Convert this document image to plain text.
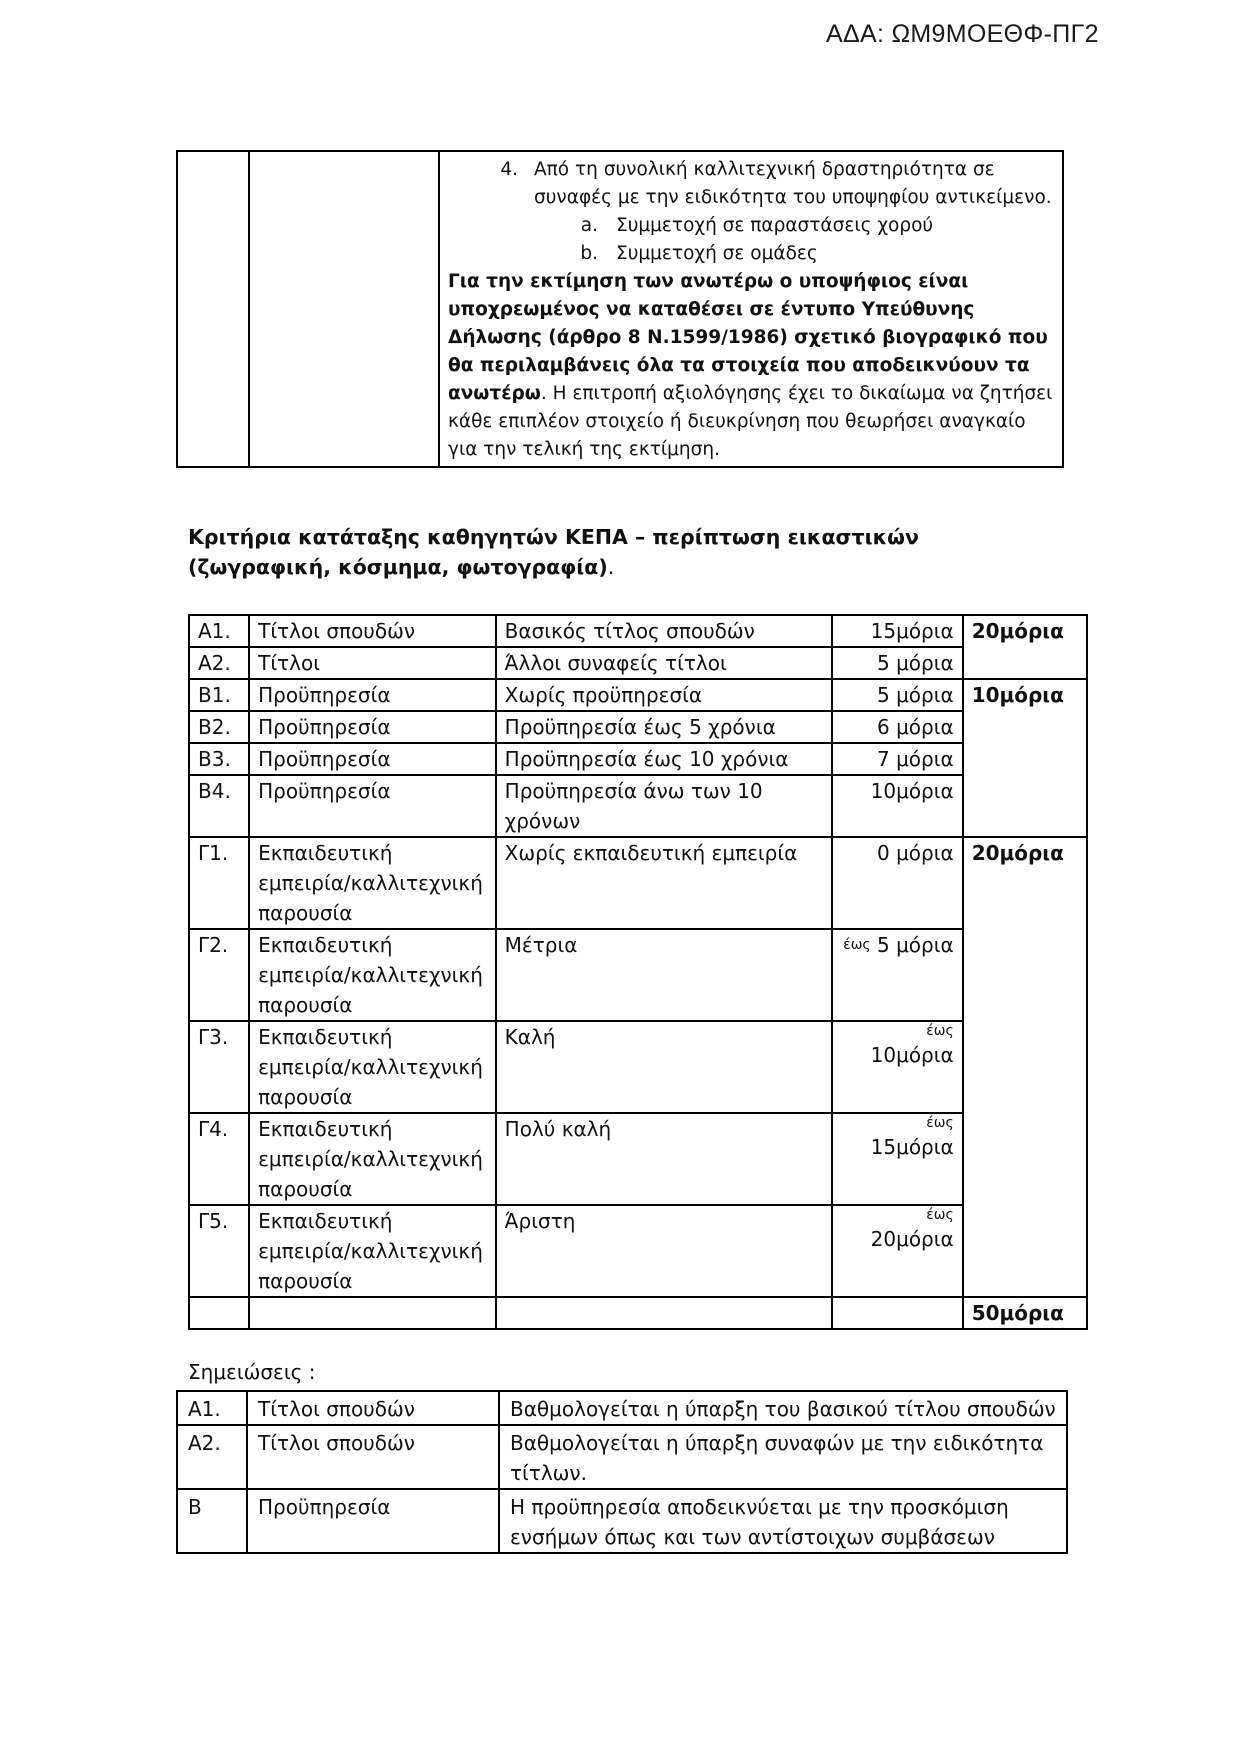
ΑΔΑ: ΩΜ9ΜΟΕΘΦ-ΠΓ2

4. Από τη συνολική καλλιτεχνική δραστηριότητα σε συναφές με την ειδικότητα του υποψηφίου αντικείμενο.
a. Συμμετοχή σε παραστάσεις χορού
b. Συμμετοχή σε ομάδες
Για την εκτίμηση των ανωτέρω ο υποψήφιος είναι υποχρεωμένος να καταθέσει σε έντυπο Υπεύθυνης Δήλωσης (άρθρο 8 Ν.1599/1986) σχετικό βιογραφικό που θα περιλαμβάνεις όλα τα στοιχεία που αποδεικνύουν τα ανωτέρω. Η επιτροπή αξιολόγησης έχει το δικαίωμα να ζητήσει κάθε επιπλέον στοιχείο ή διευκρίνηση που θεωρήσει αναγκαίο για την τελική της εκτίμηση.
Κριτήρια κατάταξης καθηγητών ΚΕΠΑ – περίπτωση εικαστικών (ζωγραφική, κόσμημα, φωτογραφία).
Α1.	Τίτλοι σπουδών	Βασικός τίτλος σπουδών	15μόρια	20μόρια
Α2.	Τίτλοι	Άλλοι συναφείς τίτλοι	5 μόρια	
Β1.	Προϋπηρεσία	Χωρίς προϋπηρεσία	5 μόρια	10μόρια
Β2.	Προϋπηρεσία	Προϋπηρεσία έως 5 χρόνια	6 μόρια	
Β3.	Προϋπηρεσία	Προϋπηρεσία έως 10 χρόνια	7 μόρια	
Β4.	Προϋπηρεσία	Προϋπηρεσία άνω των 10 χρόνων	10μόρια	
Γ1.	Εκπαιδευτική εμπειρία/καλλιτεχνική παρουσία	Χωρίς εκπαιδευτική εμπειρία	0 μόρια	20μόρια
Γ2.	Εκπαιδευτική εμπειρία/καλλιτεχνική παρουσία	Μέτρια	$^{έ\omega\varsigma}$ 5 μόρια	
Γ3.	Εκπαιδευτική εμπειρία/καλλιτεχνική παρουσία	Καλή	έως
10μόρια	

Γ4.	Εκπαιδευτική εμπειρία/καλλιτεχνική παρουσία	Πολύ καλή	έως
15μόρια	

Γ5.	Εκπαιδευτική εμπειρία/καλλιτεχνική παρουσία	Άριστη	έως
20μόρια	

				50μόρια
Σημειώσεις :
Α1.	Τίτλοι σπουδών	Βαθμολογείται η ύπαρξη του βασικού τίτλου σπουδών
Α2.	Τίτλοι σπουδών	Βαθμολογείται η ύπαρξη συναφών με την ειδικότητα τίτλων.
Β	Προϋπηρεσία	Η προϋπηρεσία αποδεικνύεται με την προσκόμιση ενσήμων όπως και των αντίστοιχων συμβάσεων
